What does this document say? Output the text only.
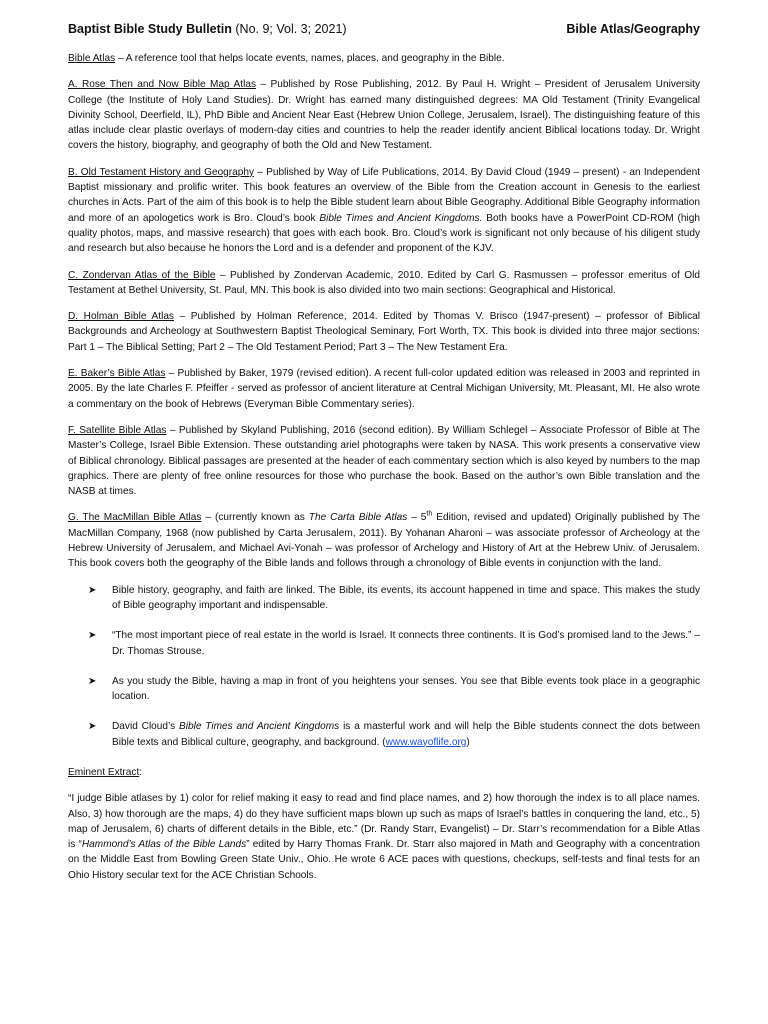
Baptist Bible Study Bulletin (No. 9; Vol. 3; 2021)	Bible Atlas/Geography

Bible Atlas – A reference tool that helps locate events, names, places, and geography in the Bible.

A. Rose Then and Now Bible Map Atlas – Published by Rose Publishing, 2012. By Paul H. Wright – President of Jerusalem University College (the Institute of Holy Land Studies). Dr. Wright has earned many distinguished degrees: MA Old Testament (Trinity Evangelical Divinity School, Deerfield, IL), PhD Bible and Ancient Near East (Hebrew Union College, Jerusalem, Israel). The distinguishing feature of this atlas include clear plastic overlays of modern-day cities and countries to help the reader identify ancient Biblical locations today. Dr. Wright covers the history, biography, and geography of both the Old and New Testament.

B. Old Testament History and Geography – Published by Way of Life Publications, 2014. By David Cloud (1949 – present) - an Independent Baptist missionary and prolific writer. This book features an overview of the Bible from the Creation account in Genesis to the earliest churches in Acts. Part of the aim of this book is to help the Bible student learn about Bible Geography. Additional Bible Geography information and more of an apologetics work is Bro. Cloud’s book Bible Times and Ancient Kingdoms. Both books have a PowerPoint CD-ROM (high quality photos, maps, and massive research) that goes with each book. Bro. Cloud’s work is significant not only because of his diligent study and research but also because he honors the Lord and is a defender and proponent of the KJV.

C. Zondervan Atlas of the Bible – Published by Zondervan Academic, 2010. Edited by Carl G. Rasmussen – professor emeritus of Old Testament at Bethel University, St. Paul, MN. This book is also divided into two main sections: Geographical and Historical.

D. Holman Bible Atlas – Published by Holman Reference, 2014. Edited by Thomas V. Brisco (1947-present) – professor of Biblical Backgrounds and Archeology at Southwestern Baptist Theological Seminary, Fort Worth, TX. This book is divided into three major sections: Part 1 – The Biblical Setting; Part 2 – The Old Testament Period; Part 3 – The New Testament Era.

E. Baker’s Bible Atlas – Published by Baker, 1979 (revised edition). A recent full-color updated edition was released in 2003 and reprinted in 2005. By the late Charles F. Pfeiffer - served as professor of ancient literature at Central Michigan University, Mt. Pleasant, MI. He also wrote a commentary on the book of Hebrews (Everyman Bible Commentary series).

F. Satellite Bible Atlas – Published by Skyland Publishing, 2016 (second edition). By William Schlegel – Associate Professor of Bible at The Master’s College, Israel Bible Extension. These outstanding ariel photographs were taken by NASA. This work presents a conservative view of Biblical chronology. Biblical passages are presented at the header of each commentary section which is also keyed by numbers to the map graphics. There are plenty of free online resources for those who purchase the book. Based on the author’s own Bible translation and the NASB at times.

G. The MacMillan Bible Atlas – (currently known as The Carta Bible Atlas – 5th Edition, revised and updated) Originally published by The MacMillan Company, 1968 (now published by Carta Jerusalem, 2011). By Yohanan Aharoni – was associate professor of Archeology at the Hebrew University of Jerusalem, and Michael Avi-Yonah – was professor of Archelogy and History of Art at the Hebrew Univ. of Jerusalem. This book covers both the geography of the Bible lands and follows through a chronology of Bible events in conjunction with the land.

➤ Bible history, geography, and faith are linked. The Bible, its events, its account happened in time and space. This makes the study of Bible geography important and indispensable.
➤ “The most important piece of real estate in the world is Israel. It connects three continents. It is God’s promised land to the Jews.” – Dr. Thomas Strouse.
➤ As you study the Bible, having a map in front of you heightens your senses. You see that Bible events took place in a geographic location.
➤ David Cloud’s Bible Times and Ancient Kingdoms is a masterful work and will help the Bible students connect the dots between Bible texts and Biblical culture, geography, and background. (www.wayoflife.org)

Eminent Extract:

“I judge Bible atlases by 1) color for relief making it easy to read and find place names, and 2) how thorough the index is to all place names. Also, 3) how thorough are the maps, 4) do they have sufficient maps blown up such as maps of Israel’s battles in conquering the land, etc., 5) map of Jerusalem, 6) charts of different details in the Bible, etc.” (Dr. Randy Starr, Evangelist) – Dr. Starr’s recommendation for a Bible Atlas is “Hammond’s Atlas of the Bible Lands” edited by Harry Thomas Frank. Dr. Starr also majored in Math and Geography with a concentration on the Middle East from Bowling Green State Univ., Ohio. He wrote 6 ACE paces with questions, checkups, self-tests and final tests for an Ohio History secular text for the ACE Christian Schools.
